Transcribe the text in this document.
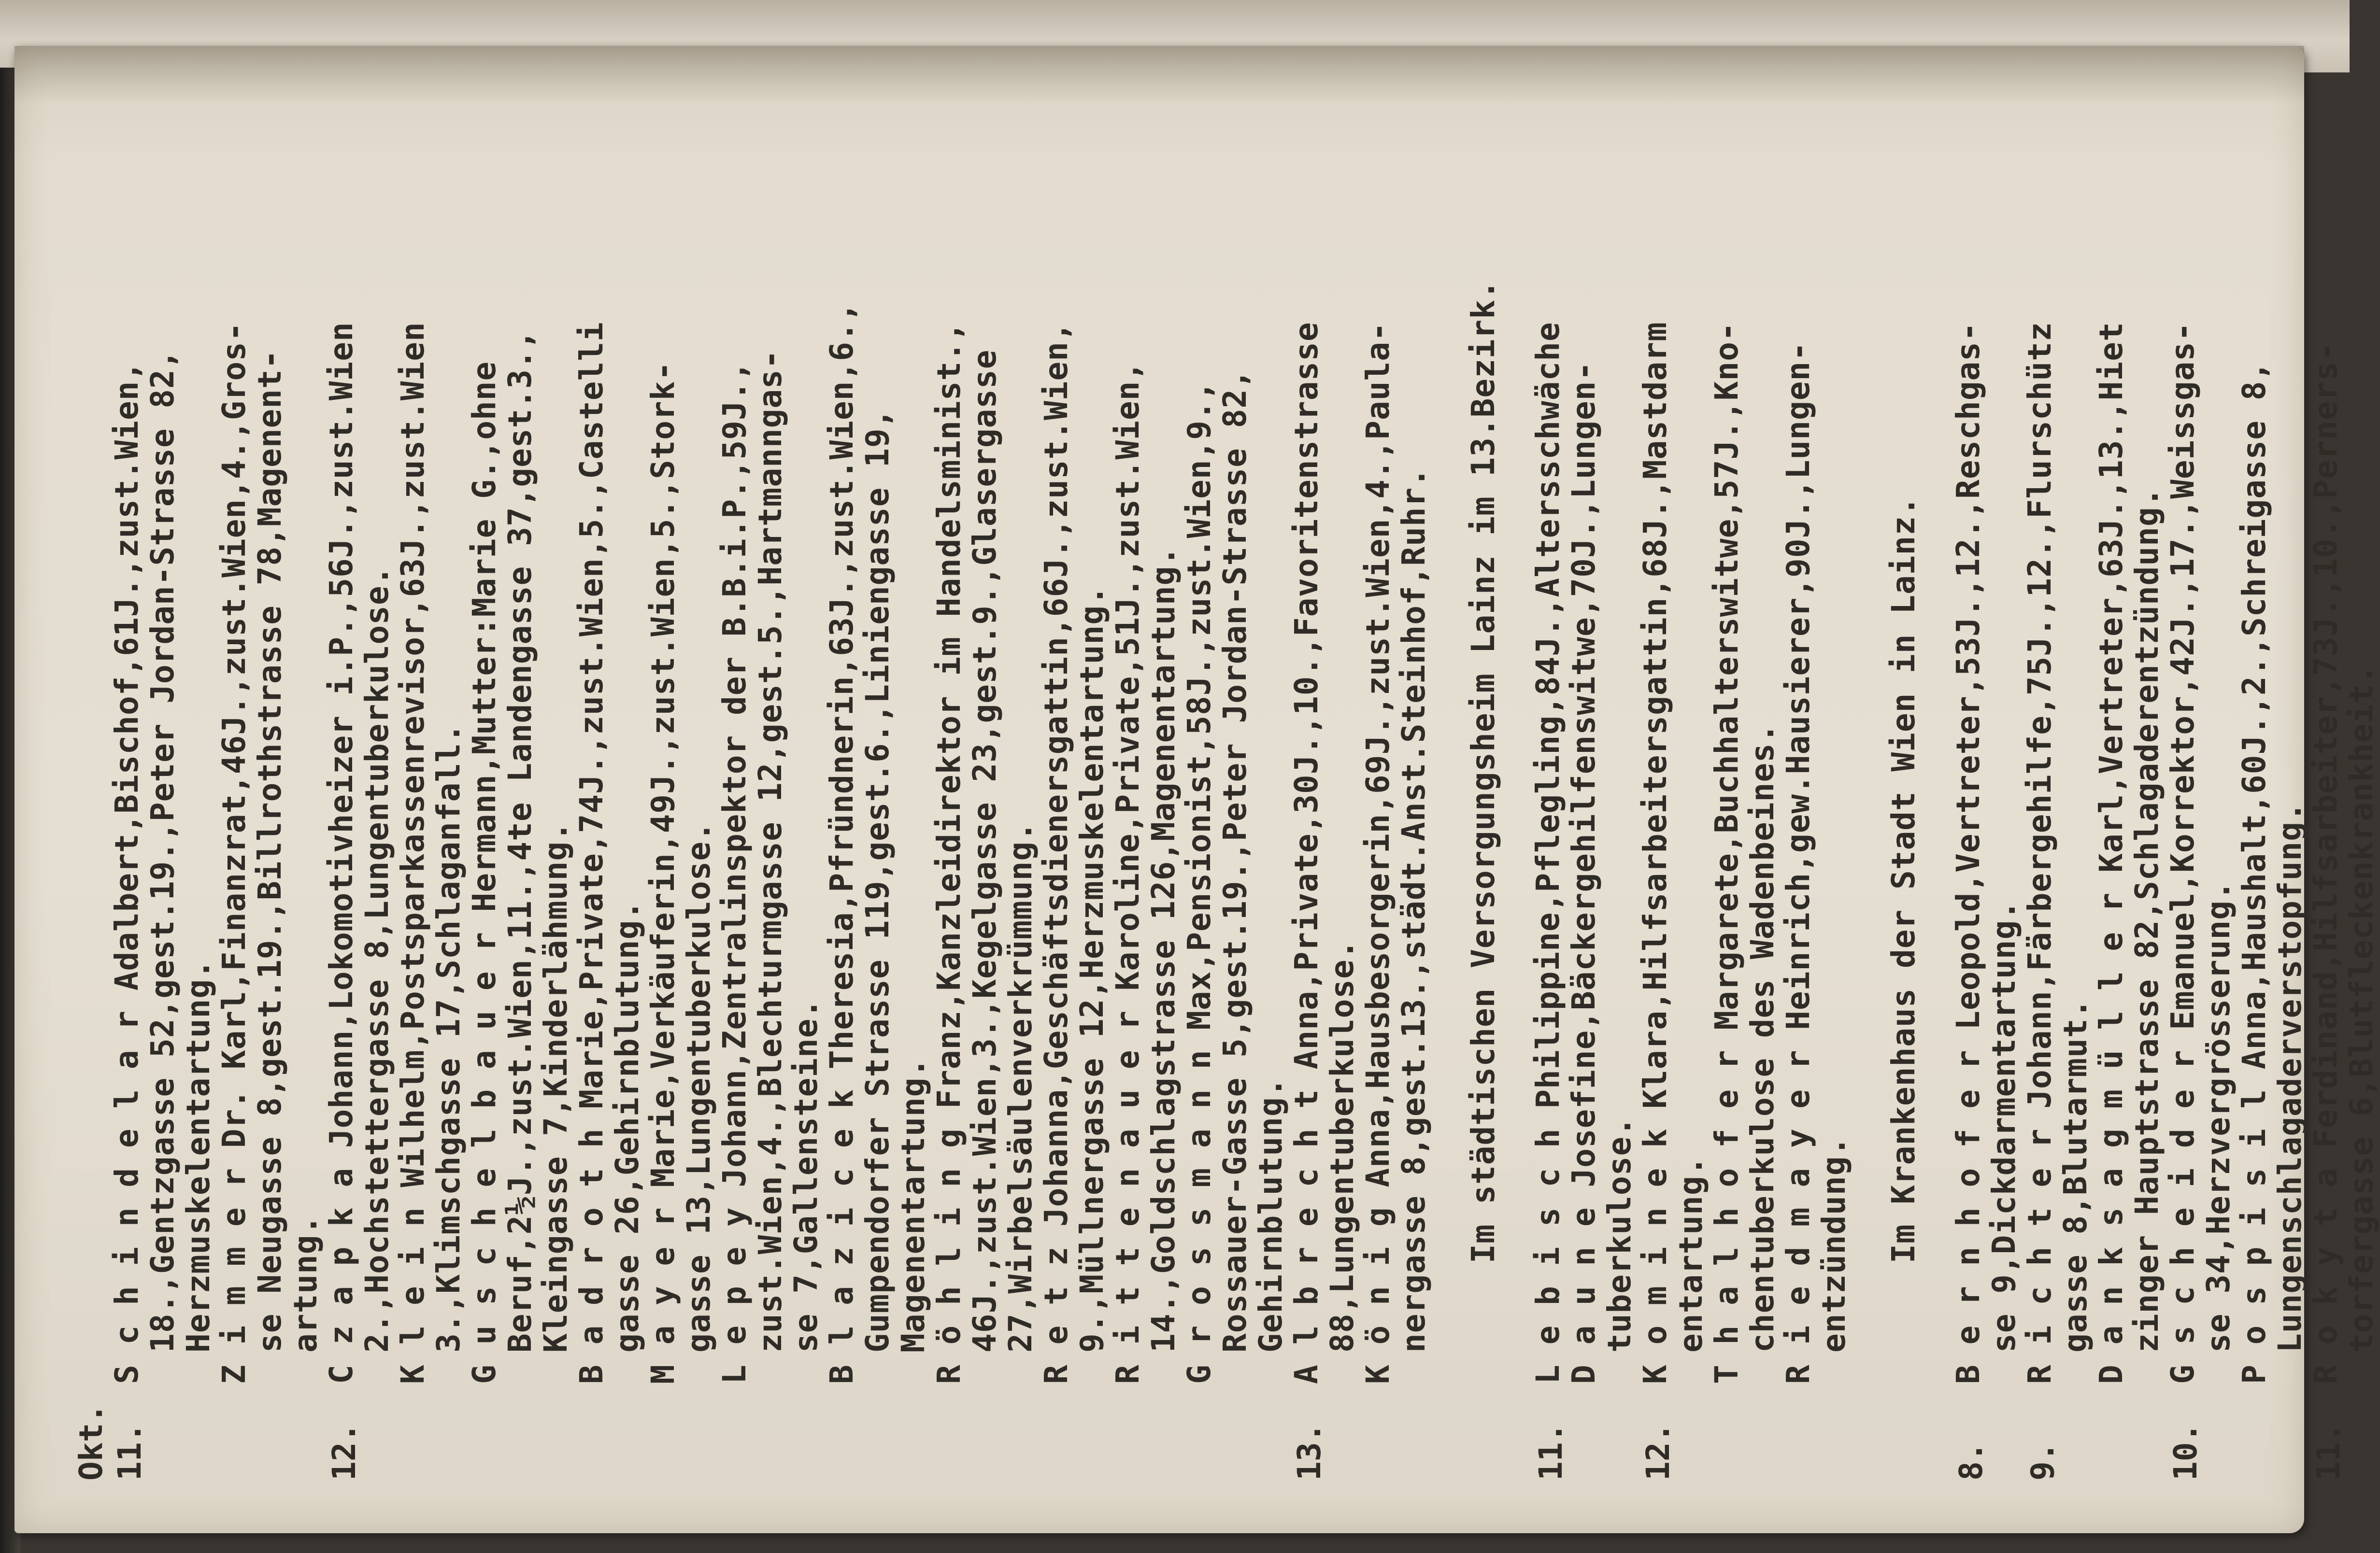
Okt. 11.
S c h i n d e l a r Adalbert,Bischof,61J.,zust.Wien,
18.,Gentzgasse 52,gest.19.,Peter Jordan-Strasse 82,
Herzmuskelentartung.
Z i m m e r Dr. Karl,Finanzrat,46J.,zust.Wien,4.,Gros-
se Neugasse 8,gest.19.,Billrothstrasse 78,Magenent-
artung.
12.
C z a p k a Johann,Lokomotivheizer i.P.,56J.,zust.Wien
2.,Hochstettergasse 8,Lungentuberkulose.
K l e i n Wilhelm,Postsparkassenrevisor,63J.,zust.Wien
3.,Klimschgasse 17,Schlaganfall.
G u s c h e l b a u e r Hermann,Mutter:Marie G.,ohne
Beruf,2½J.,zust.Wien,11.,4te Landengasse 37,gest.3.,
Kleingasse 7,Kinderlähmung.
B a d r o t h Marie,Private,74J.,zust.Wien,5.,Castelli
gasse 26,Gehirnblutung.
M a y e r Marie,Verkäuferin,49J.,zust.Wien,5.,Stork-
gasse 13,Lungentuberkulose.
L e p e y Johann,Zentralinspektor der B.B.i.P.,59J.,
zust.Wien,4.,Blechturmgasse 12,gest.5.,Hartmanngas-
se 7,Gallensteine.
B l a z i c e k Theresia,Pfründnerin,63J.,zust.Wien,6.,
Gumpendorfer Strasse 119,gest.6.,Liniengasse 19,
Magenentartung.
R ö h l i n g Franz,Kanzleidirektor im Handelsminist.,
46J.,zust.Wien,3.,Kegelgasse 23,gest.9.,Glasergasse
27,Wirbelsäulenverkrümmung.
R e t z Johanna,Geschäftsdienersgattin,66J.,zust.Wien,
9.,Müllnergasse 12,Herzmuskelentartung.
R i t t e n a u e r Karoline,Private,51J.,zust.Wien,
14.,Goldschlagstrasse 126,Magenentartung.
G r o s s m a n n Max,Pensionist,58J.,zust.Wien,9.,
Rossauer-Gasse 5,gest.19.,Peter Jordan-Strasse 82,
Gehirnblutung.
13.
A l b r e c h t Anna,Private,30J.,10.,Favoritenstrasse
88,Lungentuberkulose.
K ö n i g Anna,Hausbesorgerin,69J.,zust.Wien,4.,Paula-
nergasse 8,gest.13.,städt.Anst.Steinhof,Ruhr. Im städtischen Versorgungsheim Lainz im 13.Bezirk.
11.
L e b i s c h Philippine,Pflegling,84J.,Altersschwäche
D a u n e Josefine,Bäckergehilfenswitwe,70J.,Lungen-
tuberkulose.
12.
K o m i n e k Klara,Hilfsarbeitersgattin,68J.,Mastdarm
entartung.
T h a l h o f e r Margarete,Buchhalterswitwe,57J.,Kno-
chentuberkulose des Wadenbeines.
R i e d m a y e r Heinrich,gew.Hausierer,90J.,Lungen-
entzündung. Im Krankenhaus der Stadt Wien in Lainz.
8.
B e r n h o f e r Leopold,Vertreter,53J.,12.,Reschgas-
se 9,Dickdarmentartung.
9.
R i c h t e r Johann,Färbergehilfe,75J.,12.,Flurschütz
gasse 8,Blutarmut.
D a n k s a g m ü l l e r Karl,Vertreter,63J.,13.,Hiet
zinger Hauptstrasse 82,Schlagaderentzündung.
10.
G s c h e i d e r Emanuel,Korrektor,42J.,17.,Weissgas-
se 34,Herzvergrösserung.
P o s p i s i l Anna,Haushalt,60J.,2.,Schreigasse 8,
Lungenschlagaderverstopfung.
11.
R o k y t a Ferdinand,Hilfsarbeiter,73J.,10.,Perners-
torfergasse 6,Blutfleckenkrankheit.
